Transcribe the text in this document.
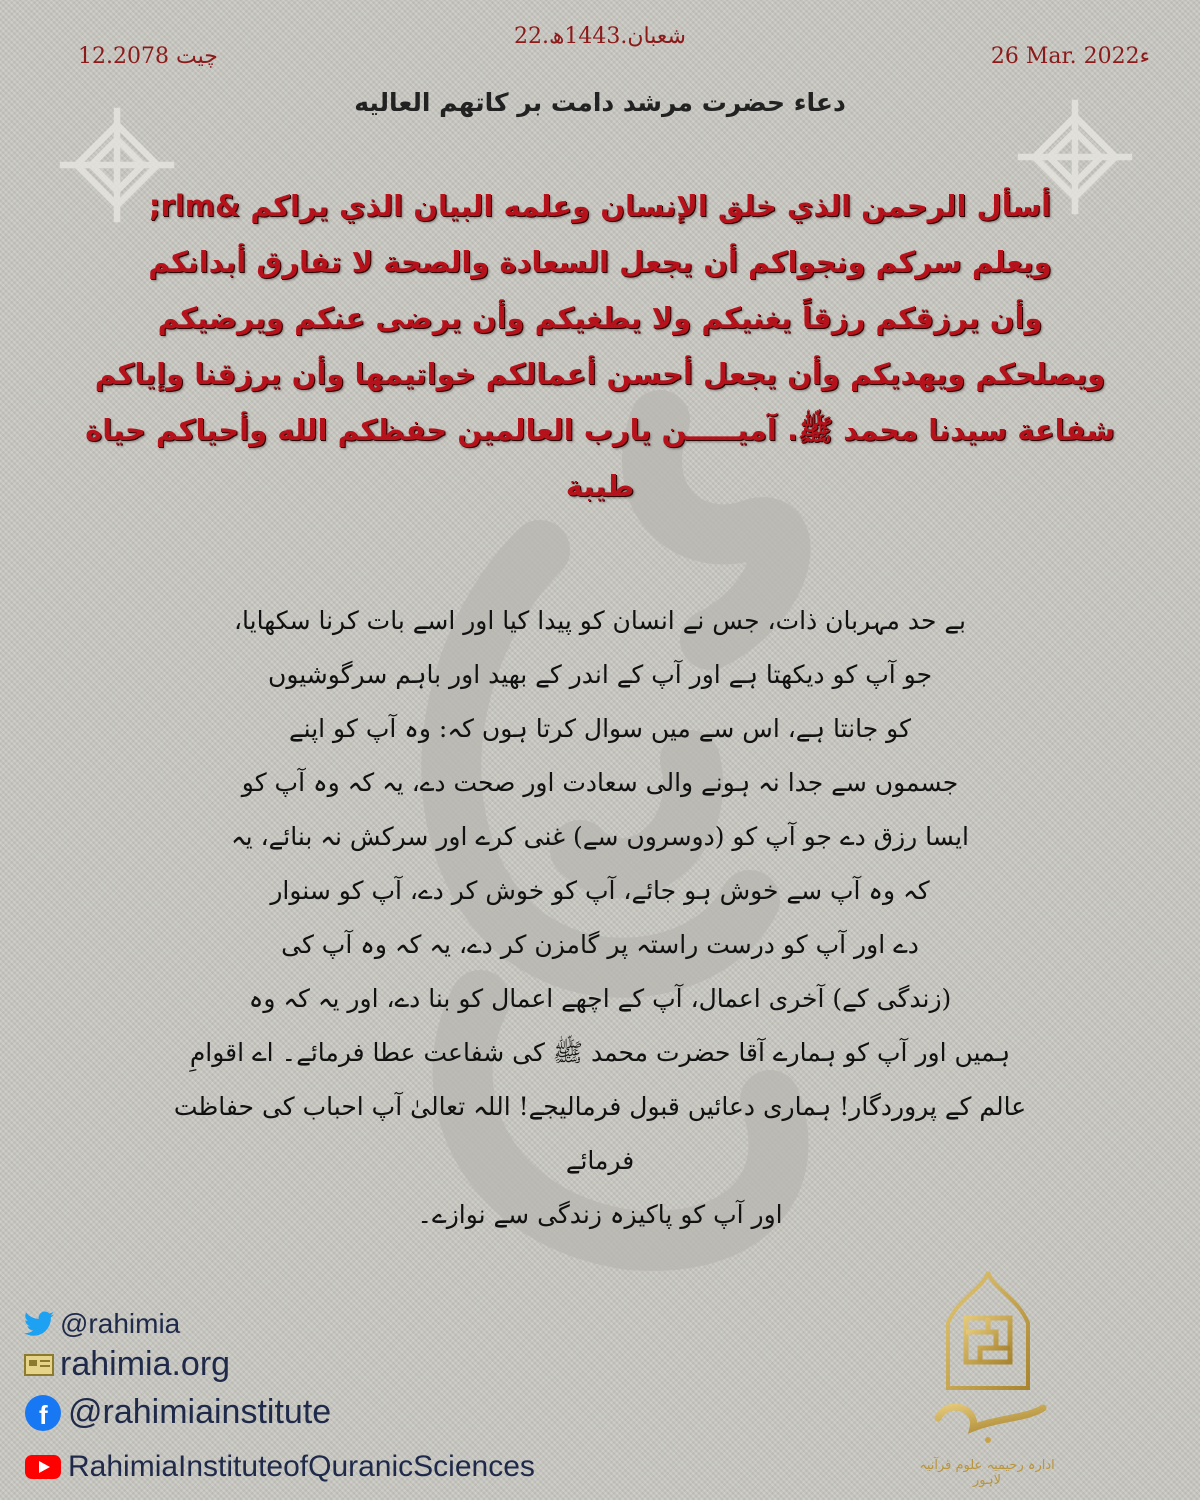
22.شعبان.1443ھ
26 Mar. 2022ء
12.چیت 2078
دعاء حضرت مرشد دامت بر کاتهم العالیه

أسأل الرحمن الذي خلق الإنسان وعلمه البيان الذي يراكم &rlm;

ويعلم سركم ونجواكم أن يجعل السعادة والصحة لا تفارق أبدانكم

وأن يرزقكم رزقاً يغنيكم ولا يطغيكم وأن يرضى عنكم ويرضيكم

ويصلحكم ويهديكم وأن يجعل أحسن أعمالكم خواتيمها وأن يرزقنا وإياكم

شفاعة سيدنا محمد ﷺ. آميـــــن يارب العالمين حفظكم الله وأحياكم حياة

طيبة

بے حد مہربان ذات، جس نے انسان کو پیدا کیا اور اسے بات کرنا سکھایا،

جو آپ کو دیکھتا ہے اور آپ کے اندر کے بھید اور باہم سرگوشیوں

کو جانتا ہے، اس سے میں سوال کرتا ہوں کہ: وہ آپ کو اپنے

جسموں سے جدا نہ ہونے والی سعادت اور صحت دے، یہ کہ وہ آپ کو

ایسا رزق دے جو آپ کو (دوسروں سے) غنی کرے اور سرکش نہ بنائے، یہ

کہ وہ آپ سے خوش ہو جائے، آپ کو خوش کر دے، آپ کو سنوار

دے اور آپ کو درست راستہ پر گامزن کر دے، یہ کہ وہ آپ کی

(زندگی کے) آخری اعمال، آپ کے اچھے اعمال کو بنا دے، اور یہ کہ وہ

ہمیں اور آپ کو ہمارے آقا حضرت محمد ﷺ کی شفاعت عطا فرمائے۔ اے اقوامِ

عالم کے پروردگار! ہماری دعائیں قبول فرمالیجے! اللہ تعالیٰ آپ احباب کی حفاظت فرمائے

اور آپ کو پاکیزہ زندگی سے نوازے۔

@rahimia
rahimia.org
f @rahimiainstitute
RahimiaInstituteofQuranicSciences	ادارہ رحیمیہ علوم قرآنیہ لاہور
